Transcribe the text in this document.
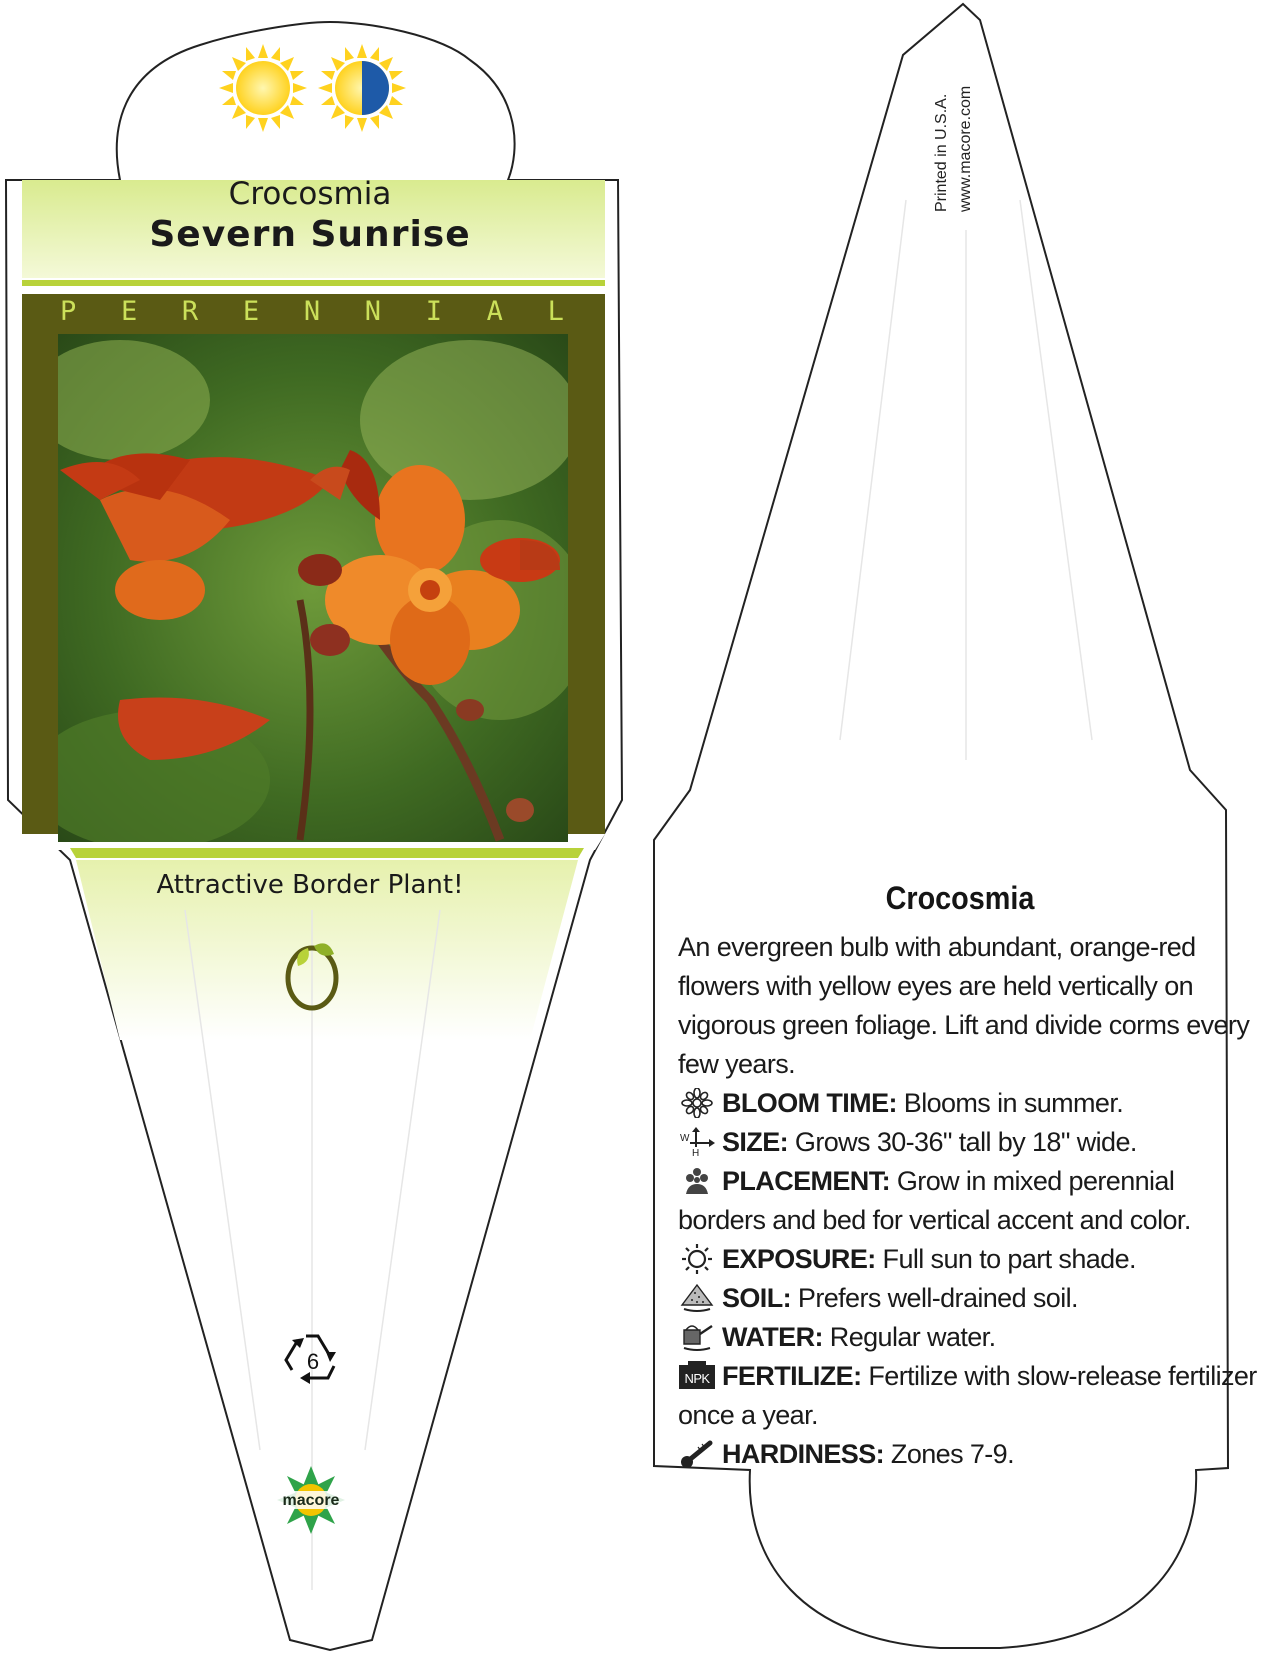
Crocosmia
Severn Sunrise
P E R E N N I A L
Attractive Border Plant!
6
macore
Printed in U.S.A. www.macore.com
Crocosmia

An evergreen bulb with abundant, orange-red flowers with yellow eyes are held vertically on vigorous green foliage. Lift and divide corms every few years.

BLOOM TIME: Blooms in summer.

W
H SIZE: Grows 30-36" tall by 18" wide.

PLACEMENT: Grow in mixed perennial borders and bed for vertical accent and color.

EXPOSURE: Full sun to part shade.

SOIL: Prefers well-drained soil.

WATER: Regular water.

NPK FERTILIZE: Fertilize with slow-release fertilizer once a year.

HARDINESS: Zones 7-9.
